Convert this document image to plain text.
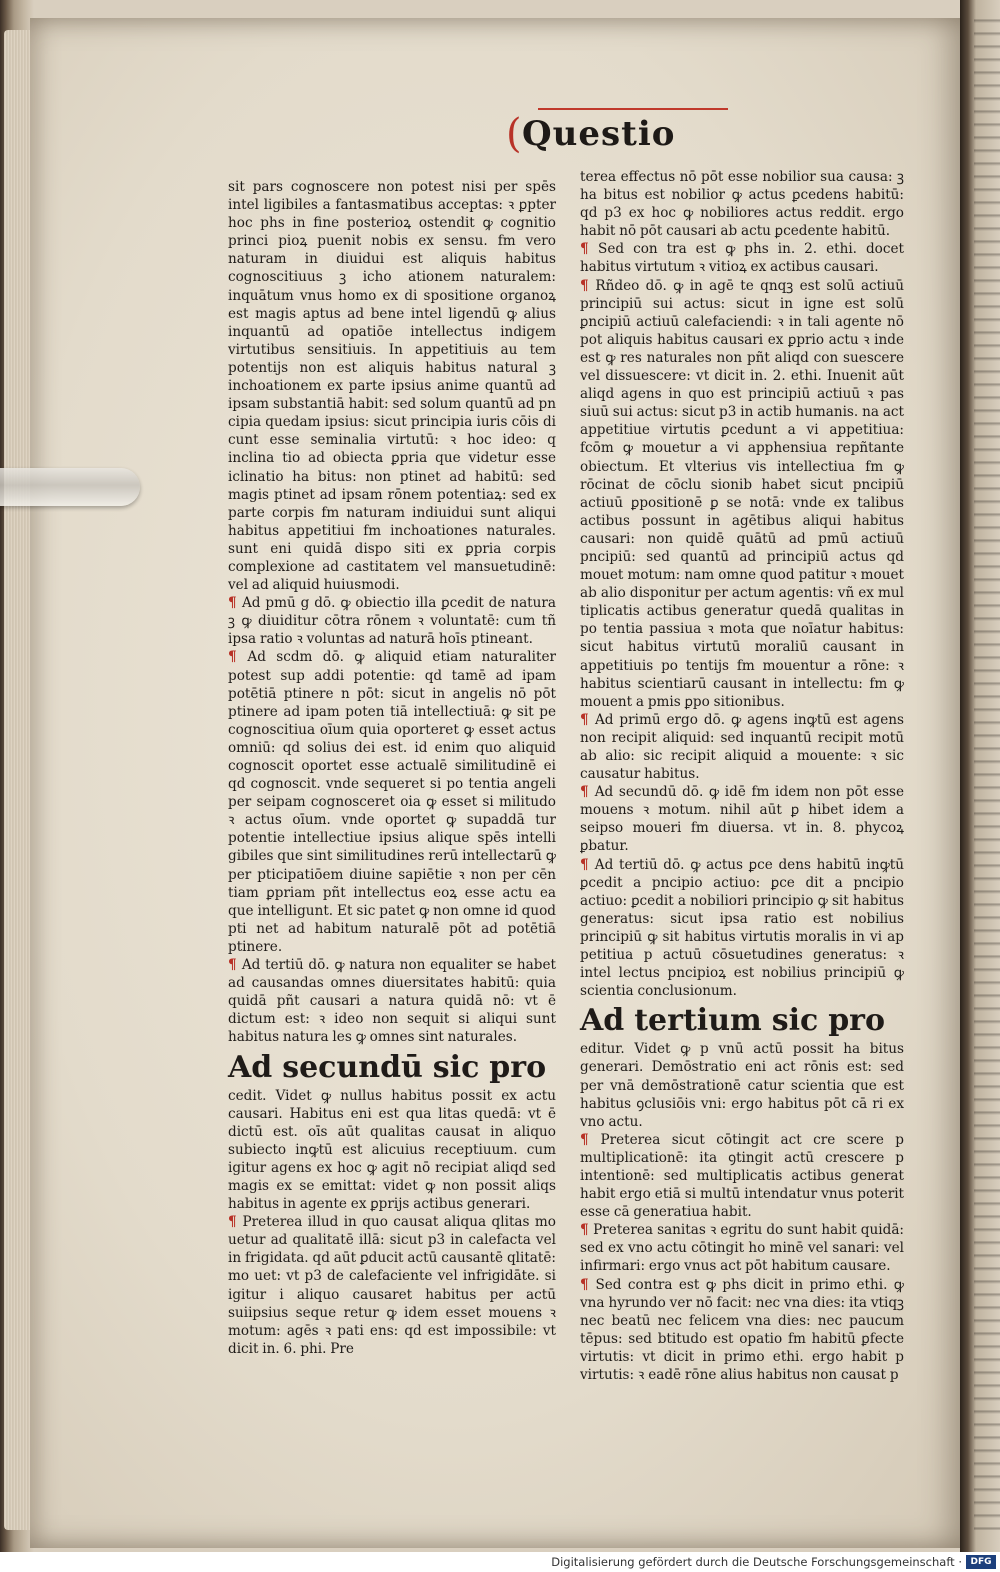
( Questio

sit pars cognoscere non potest nisi per spēs intel ligibiles a fantasmatibus acceptas: ꝛ ꝑpter hoc phs in fine posterioꝝ ostendit ꝙ cognitio princi pioꝝ puenit nobis ex sensu. fm vero naturam in diuidui est aliquis habitus cognoscitiuus ꝫ icho ationem naturalem: inquātum vnus homo ex di spositione organoꝝ est magis aptus ad bene intel ligendū ꝙ alius inquantū ad opatiōe intellectus indigem virtutibus sensitiuis. In appetitiuis au tem potentijs non est aliquis habitus natural ꝫ inchoationem ex parte ipsius anime quantū ad ipsam substantiā habit: sed solum quantū ad pn cipia quedam ipsius: sicut principia iuris cōis di cunt esse seminalia virtutū: ꝛ hoc ideo: q inclina tio ad obiecta ꝑpria que videtur esse iclinatio ha bitus: non ptinet ad habitū: sed magis ptinet ad ipsam rōnem potentiaꝝ: sed ex parte corpis fm naturam indiuidui sunt aliqui habitus appetitiui fm inchoationes naturales. sunt eni quidā dispo siti ex ꝑpria corpis complexione ad castitatem vel mansuetudinē: vel ad aliquid huiusmodi.

¶ Ad pmū g dō. ꝙ obiectio illa ꝑcedit de natura ꝫ ꝙ diuiditur cōtra rōnem ꝛ voluntatē: cum tñ ipsa ratio ꝛ voluntas ad naturā hoīs ptineant.

¶ Ad scdm dō. ꝙ aliquid etiam naturaliter potest sup addi potentie: qd tamē ad ipam potētiā ptinere n pōt: sicut in angelis nō pōt ptinere ad ipam poten tiā intellectiuā: ꝙ sit pe cognoscitiua oīum quia oporteret ꝙ esset actus omniū: qd solius dei est. id enim quo aliquid cognoscit oportet esse actualē similitudinē ei qd cognoscit. vnde sequeret si po tentia angeli per seipam cognosceret oia ꝙ esset si militudo ꝛ actus oīum. vnde oportet ꝙ supaddā tur potentie intellectiue ipsius alique spēs intelli gibiles que sint similitudines rerū intellectarū ꝙ per pticipatiōem diuine sapiētie ꝛ non per cēn tiam ꝑpriam pñt intellectus eoꝝ esse actu ea que intelligunt. Et sic patet ꝙ non omne id quod pti net ad habitum naturalē pōt ad potētiā ptinere.

¶ Ad tertiū dō. ꝙ natura non equaliter se habet ad causandas omnes diuersitates habitū: quia quidā pñt causari a natura quidā nō: vt ē dictum est: ꝛ ideo non sequit si aliqui sunt habitus natura les ꝙ omnes sint naturales.

Ad secundū sic pro

cedit. Videt ꝙ nullus habitus possit ex actu causari. Habitus eni est qua litas quedā: vt ē dictū est. oīs aūt qualitas causat in aliquo subiecto inꝙtū est alicuius receptiuum. cum igitur agens ex hoc ꝙ agit nō recipiat aliqd sed magis ex se emittat: videt ꝙ non possit aliqs habitus in agente ex ꝑprijs actibus generari.

¶ Preterea illud in quo causat aliqua qlitas mo uetur ad qualitatē illā: sicut p3 in calefacta vel in frigidata. qd aūt ꝑducit actū causantē qlitatē: mo uet: vt p3 de calefaciente vel infrigidāte. si igitur i aliquo causaret habitus per actū suiipsius seque retur ꝙ idem esset mouens ꝛ motum: agēs ꝛ pati ens: qd est impossibile: vt dicit in. 6. phi. Pre

terea effectus nō pōt esse nobilior sua causa: ꝫ ha bitus est nobilior ꝙ actus ꝑcedens habitū: qd p3 ex hoc ꝙ nobiliores actus reddit. ergo habit nō pōt causari ab actu ꝑcedente habitū.

¶ Sed con tra est ꝙ phs in. 2. ethi. docet habitus virtutum ꝛ vitioꝝ ex actibus causari.

¶ Rñdeo dō. ꝙ in agē te qnqꝫ est solū actiuū principiū sui actus: sicut in igne est solū ꝑncipiū actiuū calefaciendi: ꝛ in tali agente nō pot aliquis habitus causari ex ꝑprio actu ꝛ inde est ꝙ res naturales non pñt aliqd con suescere vel dissuescere: vt dicit in. 2. ethi. Inuenit aūt aliqd agens in quo est principiū actiuū ꝛ pas siuū sui actus: sicut p3 in actib humanis. na act appetitiue virtutis ꝑcedunt a vi appetitiua: fcōm ꝙ mouetur a vi apphensiua repñtante obiectum. Et vlterius vis intellectiua fm ꝙ rōcinat de cōclu sionib habet sicut pncipiū actiuū ꝑpositionē ꝑ se notā: vnde ex talibus actibus possunt in agētibus aliqui habitus causari: non quidē quātū ad pmū actiuū pncipiū: sed quantū ad principiū actus qd mouet motum: nam omne quod patitur ꝛ mouet ab alio disponitur per actum agentis: vñ ex mul tiplicatis actibus generatur quedā qualitas in po tentia passiua ꝛ mota que noīatur habitus: sicut habitus virtutū moraliū causant in appetitiuis po tentijs fm mouentur a rōne: ꝛ habitus scientiarū causant in intellectu: fm ꝙ mouent a pmis ꝑpo sitionibus.

¶ Ad primū ergo dō. ꝙ agens inꝙtū est agens non recipit aliquid: sed inquantū recipit motū ab alio: sic recipit aliquid a mouente: ꝛ sic causatur habitus.

¶ Ad secundū dō. ꝙ idē fm idem non pōt esse mouens ꝛ motum. nihil aūt ꝑ hibet idem a seipso moueri fm diuersa. vt in. 8. phycoꝝ ꝑbatur.

¶ Ad tertiū dō. ꝙ actus ꝑce dens habitū inꝙtū ꝑcedit a pncipio actiuo: ꝑce dit a pncipio actiuo: ꝑcedit a nobiliori principio ꝙ sit habitus generatus: sicut ipsa ratio est nobilius principiū ꝙ sit habitus virtutis moralis in vi ap petitiua p actuū cōsuetudines generatus: ꝛ intel lectus pncipioꝝ est nobilius principiū ꝙ scientia conclusionum.

Ad tertium sic pro

editur. Videt ꝙ p vnū actū possit ha bitus generari. Demōstratio eni act rōnis est: sed per vnā demōstrationē catur scientia que est habitus ꝯclusiōis vni: ergo habitus pōt cā ri ex vno actu.

¶ Preterea sicut cōtingit act cre scere p multiplicationē: ita ꝯtingit actū crescere p intentionē: sed multiplicatis actibus generat habit ergo etiā si multū intendatur vnus poterit esse cā generatiua habit.

¶ Preterea sanitas ꝛ egritu do sunt habit quidā: sed ex vno actu cōtingit ho minē vel sanari: vel infirmari: ergo vnus act pōt habitum causare.

¶ Sed contra est ꝙ phs dicit in primo ethi. ꝙ vna hyrundo ver nō facit: nec vna dies: ita vtiqꝫ nec beatū nec felicem vna dies: nec paucum tēpus: sed btitudo est opatio fm habitū ꝑfecte virtutis: vt dicit in primo ethi. ergo habit p virtutis: ꝛ eadē rōne alius habitus non causat p

Digitalisierung gefördert durch die Deutsche Forschungsgemeinschaft · DFG
